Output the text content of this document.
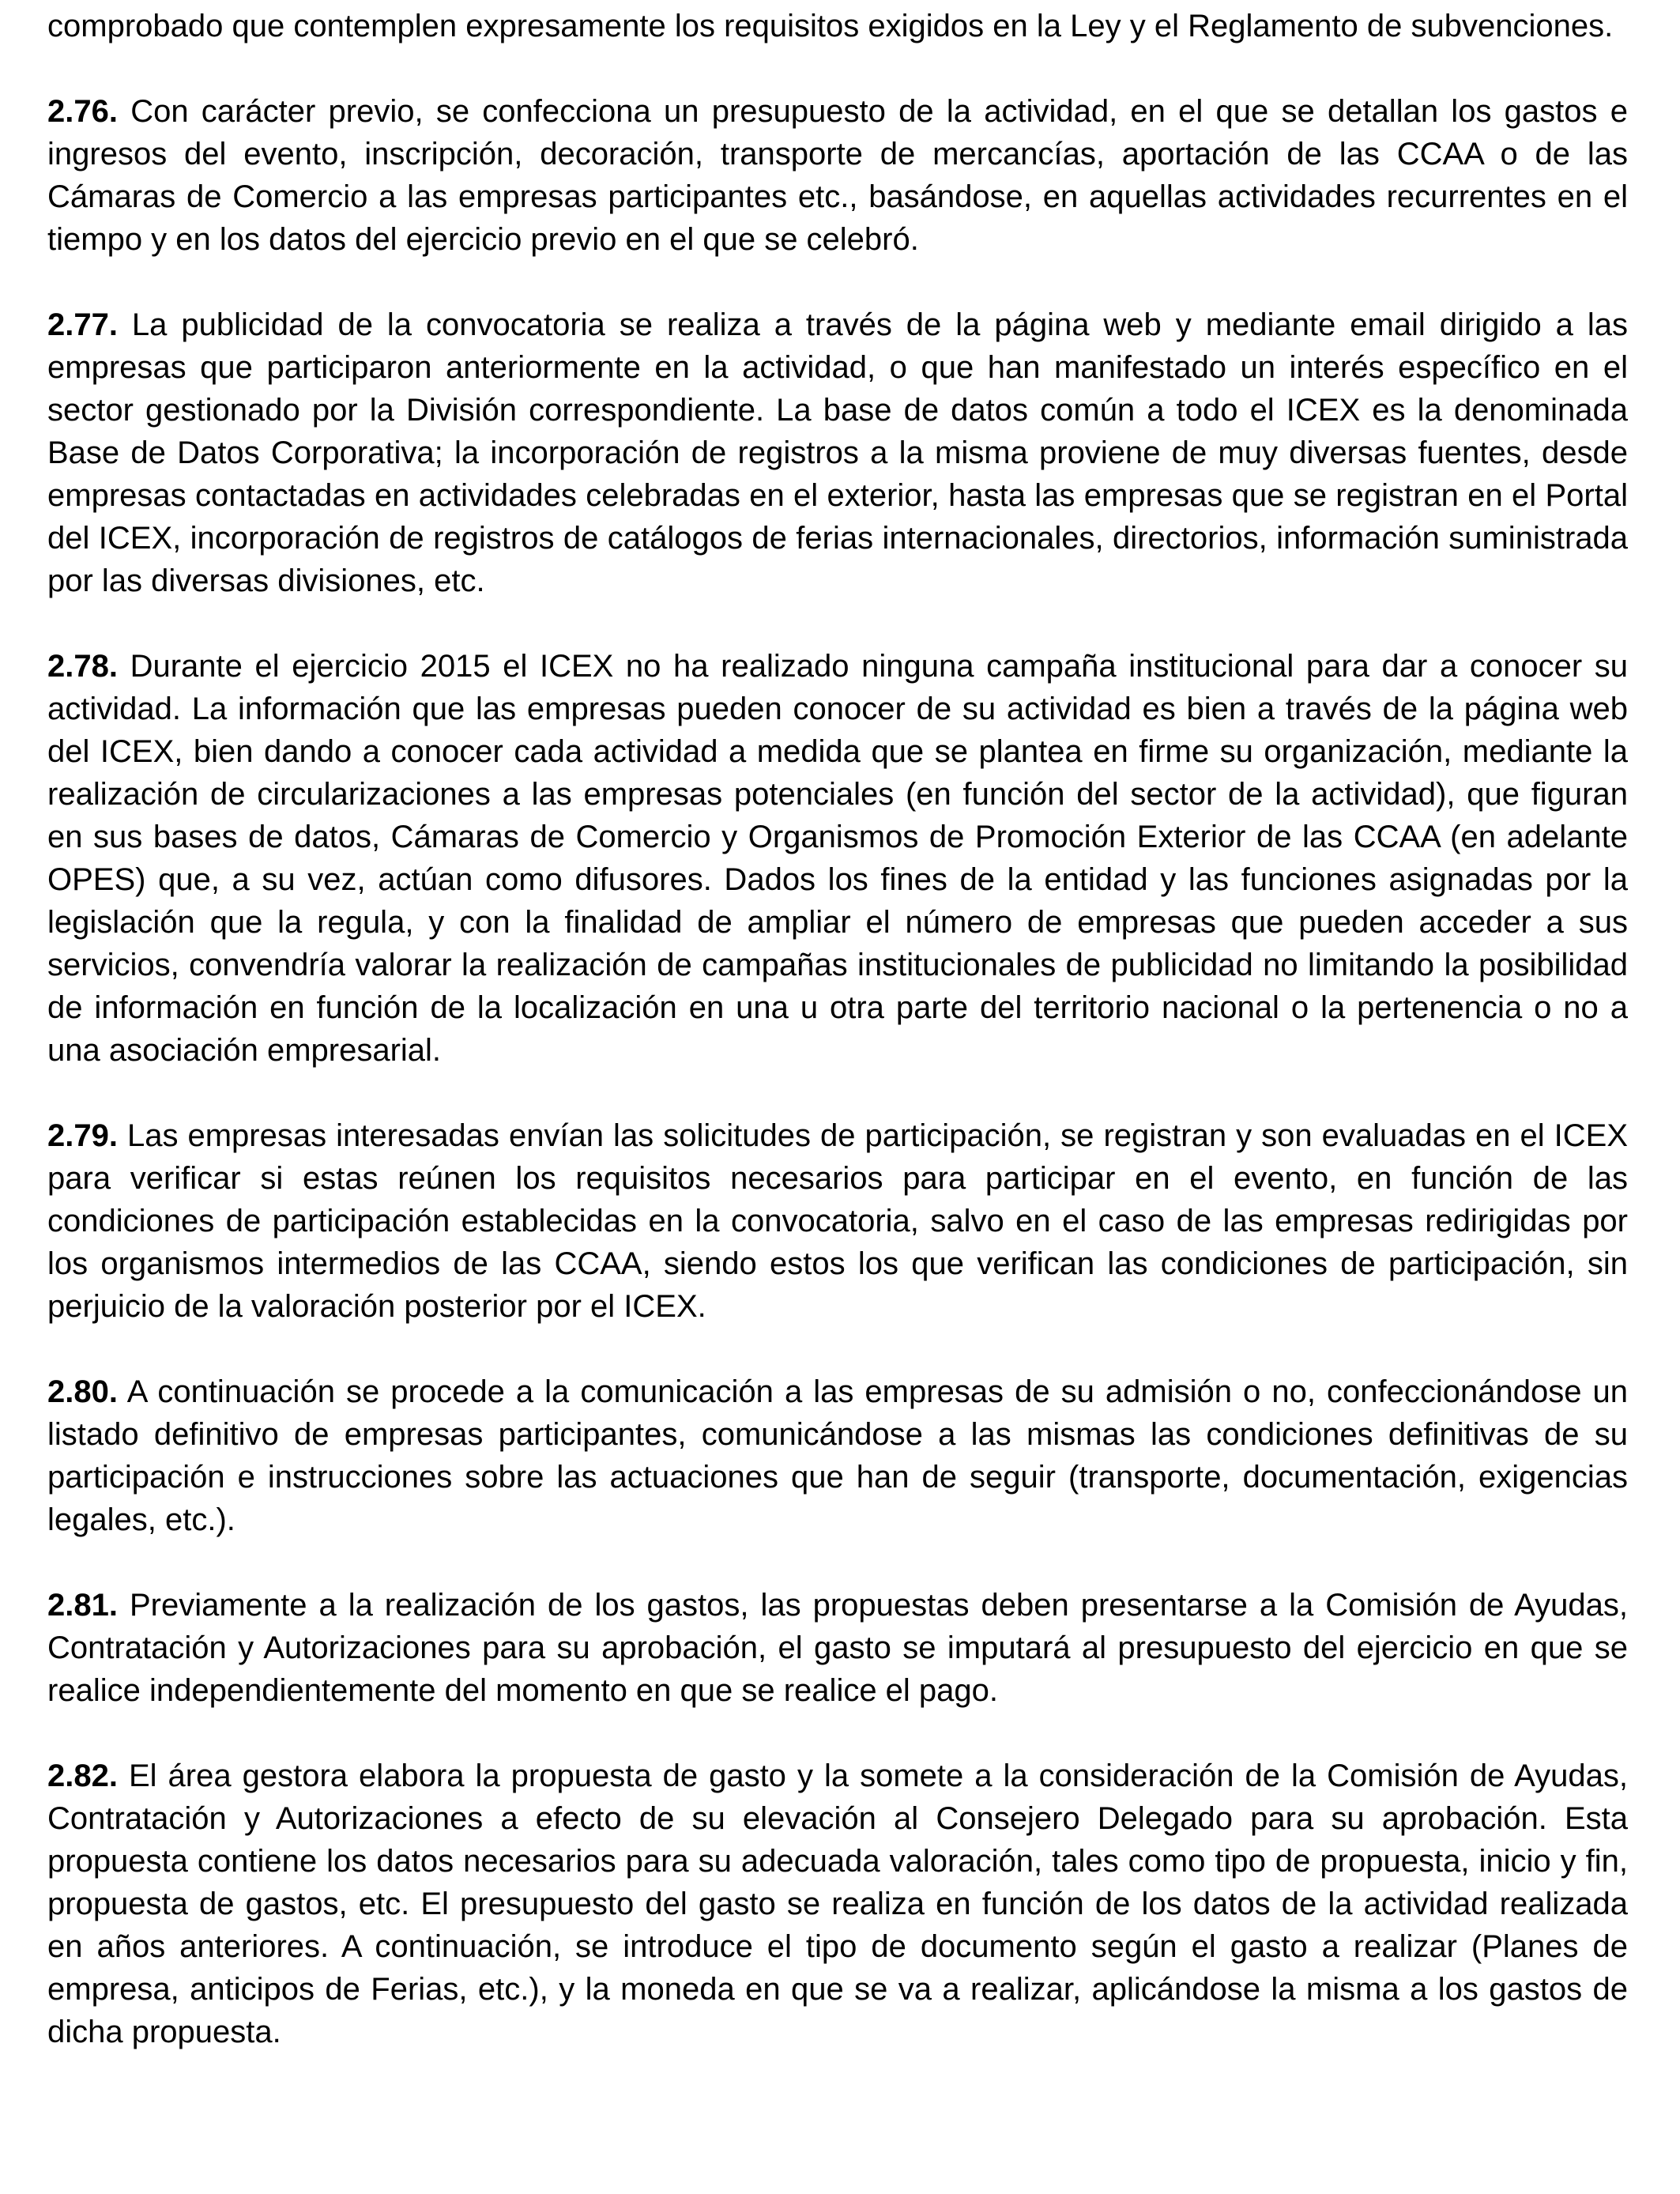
comprobado que contemplen expresamente los requisitos exigidos en la Ley y el Reglamento de subvenciones.

2.76. Con carácter previo, se confecciona un presupuesto de la actividad, en el que se detallan los gastos e ingresos del evento, inscripción, decoración, transporte de mercancías, aportación de las CCAA o de las Cámaras de Comercio a las empresas participantes etc., basándose, en aquellas actividades recurrentes en el tiempo y en los datos del ejercicio previo en el que se celebró.

2.77. La publicidad de la convocatoria se realiza a través de la página web y mediante email dirigido a las empresas que participaron anteriormente en la actividad, o que han manifestado un interés específico en el sector gestionado por la División correspondiente. La base de datos común a todo el ICEX es la denominada Base de Datos Corporativa; la incorporación de registros a la misma proviene de muy diversas fuentes, desde empresas contactadas en actividades celebradas en el exterior, hasta las empresas que se registran en el Portal del ICEX, incorporación de registros de catálogos de ferias internacionales, directorios, información suministrada por las diversas divisiones, etc.

2.78. Durante el ejercicio 2015 el ICEX no ha realizado ninguna campaña institucional para dar a conocer su actividad. La información que las empresas pueden conocer de su actividad es bien a través de la página web del ICEX, bien dando a conocer cada actividad a medida que se plantea en firme su organización, mediante la realización de circularizaciones a las empresas potenciales (en función del sector de la actividad), que figuran en sus bases de datos, Cámaras de Comercio y Organismos de Promoción Exterior de las CCAA (en adelante OPES) que, a su vez, actúan como difusores. Dados los fines de la entidad y las funciones asignadas por la legislación que la regula, y con la finalidad de ampliar el número de empresas que pueden acceder a sus servicios, convendría valorar la realización de campañas institucionales de publicidad no limitando la posibilidad de información en función de la localización en una u otra parte del territorio nacional o la pertenencia o no a una asociación empresarial.

2.79. Las empresas interesadas envían las solicitudes de participación, se registran y son evaluadas en el ICEX para verificar si estas reúnen los requisitos necesarios para participar en el evento, en función de las condiciones de participación establecidas en la convocatoria, salvo en el caso de las empresas redirigidas por los organismos intermedios de las CCAA, siendo estos los que verifican las condiciones de participación, sin perjuicio de la valoración posterior por el ICEX.

2.80. A continuación se procede a la comunicación a las empresas de su admisión o no, confeccionándose un listado definitivo de empresas participantes, comunicándose a las mismas las condiciones definitivas de su participación e instrucciones sobre las actuaciones que han de seguir (transporte, documentación, exigencias legales, etc.).

2.81. Previamente a la realización de los gastos, las propuestas deben presentarse a la Comisión de Ayudas, Contratación y Autorizaciones para su aprobación, el gasto se imputará al presupuesto del ejercicio en que se realice independientemente del momento en que se realice el pago.

2.82. El área gestora elabora la propuesta de gasto y la somete a la consideración de la Comisión de Ayudas, Contratación y Autorizaciones a efecto de su elevación al Consejero Delegado para su aprobación. Esta propuesta contiene los datos necesarios para su adecuada valoración, tales como tipo de propuesta, inicio y fin, propuesta de gastos, etc. El presupuesto del gasto se realiza en función de los datos de la actividad realizada en años anteriores. A continuación, se introduce el tipo de documento según el gasto a realizar (Planes de empresa, anticipos de Ferias, etc.), y la moneda en que se va a realizar, aplicándose la misma a los gastos de dicha propuesta.
